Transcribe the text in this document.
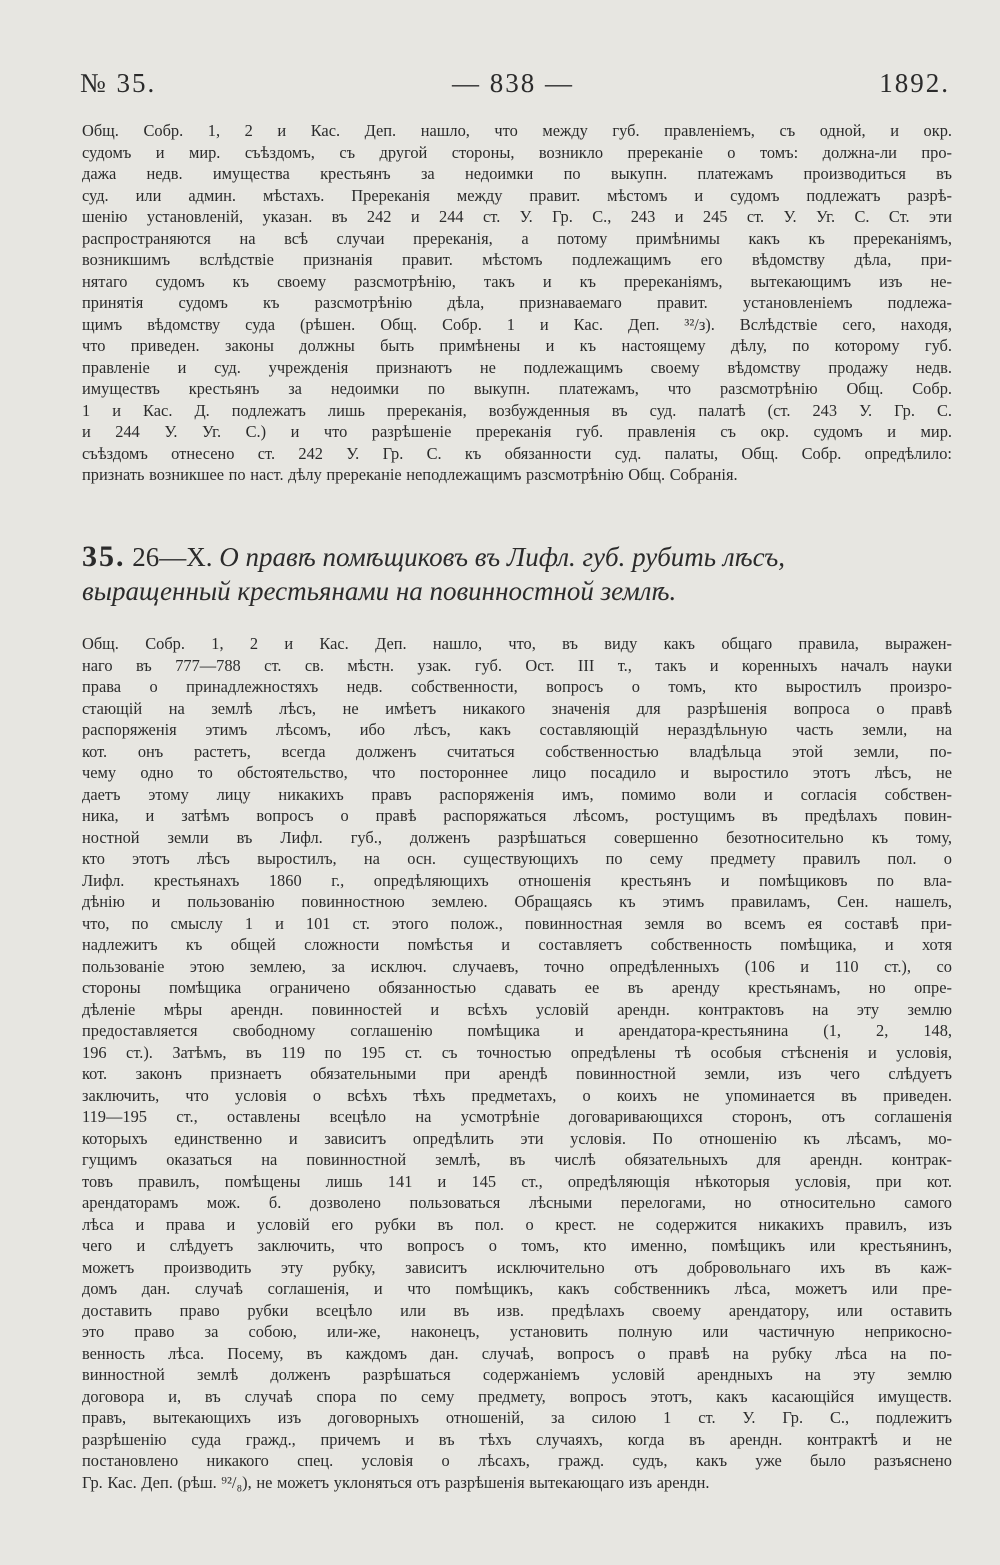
№ 35.	— 838 —	1892.
Общ. Собр. 1, 2 и Кас. Деп. нашло, что между губ. правленіемъ, съ одной, и окр.
судомъ и мир. съѣздомъ, съ другой стороны, возникло пререканіе о томъ: должна-ли про-
дажа недв. имущества крестьянъ за недоимки по выкупн. платежамъ производиться въ
суд. или админ. мѣстахъ. Пререканія между правит. мѣстомъ и судомъ подлежатъ разрѣ-
шенію установленій, указан. въ 242 и 244 ст. У. Гр. С., 243 и 245 ст. У. Уг. С. Ст. эти
распространяются на всѣ случаи пререканія, а потому примѣнимы какъ къ пререканіямъ,
возникшимъ вслѣдствіе признанія правит. мѣстомъ подлежащимъ его вѣдомству дѣла, при-
нятаго судомъ къ своему разсмотрѣнію, такъ и къ пререканіямъ, вытекающимъ изъ не-
принятія судомъ къ разсмотрѣнію дѣла, признаваемаго правит. установленіемъ подлежа-
щимъ вѣдомству суда (рѣшен. Общ. Собр. 1 и Кас. Деп. ³²/з). Вслѣдствіе сего, находя,
что приведен. законы должны быть примѣнены и къ настоящему дѣлу, по которому губ.
правленіе и суд. учрежденія признаютъ не подлежащимъ своему вѣдомству продажу недв.
имуществъ крестьянъ за недоимки по выкупн. платежамъ, что разсмотрѣнію Общ. Собр.
1 и Кас. Д. подлежатъ лишь пререканія, возбужденныя въ суд. палатѣ (ст. 243 У. Гр. С.
и 244 У. Уг. С.) и что разрѣшеніе пререканія губ. правленія съ окр. судомъ и мир.
съѣздомъ отнесено ст. 242 У. Гр. С. къ обязанности суд. палаты, Общ. Собр. опредѣлило:
признать возникшее по наст. дѣлу пререканіе неподлежащимъ разсмотрѣнію Общ. Собранія.
35. 26—X. О правѣ помѣщиковъ въ Лифл. губ. рубить лѣсъ,
выращенный крестьянами на повинностной землѣ.
Общ. Собр. 1, 2 и Кас. Деп. нашло, что, въ виду какъ общаго правила, выражен-
наго въ 777—788 ст. св. мѣстн. узак. губ. Ост. III т., такъ и коренныхъ началъ науки
права о принадлежностяхъ недв. собственности, вопросъ о томъ, кто выростилъ произро-
стающій на землѣ лѣсъ, не имѣетъ никакого значенія для разрѣшенія вопроса о правѣ
распоряженія этимъ лѣсомъ, ибо лѣсъ, какъ составляющій нераздѣльную часть земли, на
кот. онъ растетъ, всегда долженъ считаться собственностью владѣльца этой земли, по-
чему одно то обстоятельство, что постороннее лицо посадило и выростило этотъ лѣсъ, не
даетъ этому лицу никакихъ правъ распоряженія имъ, помимо воли и согласія собствен-
ника, и затѣмъ вопросъ о правѣ распоряжаться лѣсомъ, ростущимъ въ предѣлахъ повин-
ностной земли въ Лифл. губ., долженъ разрѣшаться совершенно безотносительно къ тому,
кто этотъ лѣсъ выростилъ, на осн. существующихъ по сему предмету правилъ пол. о
Лифл. крестьянахъ 1860 г., опредѣляющихъ отношенія крестьянъ и помѣщиковъ по вла-
дѣнію и пользованію повинностною землею. Обращаясь къ этимъ правиламъ, Сен. нашелъ,
что, по смыслу 1 и 101 ст. этого полож., повинностная земля во всемъ ея составѣ при-
надлежитъ къ общей сложности помѣстья и составляетъ собственность помѣщика, и хотя
пользованіе этою землею, за исключ. случаевъ, точно опредѣленныхъ (106 и 110 ст.), со
стороны помѣщика ограничено обязанностью сдавать ее въ аренду крестьянамъ, но опре-
дѣленіе мѣры арендн. повинностей и всѣхъ условій арендн. контрактовъ на эту землю
предоставляется свободному соглашенію помѣщика и арендатора-крестьянина (1, 2, 148,
196 ст.). Затѣмъ, въ 119 по 195 ст. съ точностью опредѣлены тѣ особыя стѣсненія и условія,
кот. законъ признаетъ обязательными при арендѣ повинностной земли, изъ чего слѣдуетъ
заключить, что условія о всѣхъ тѣхъ предметахъ, о коихъ не упоминается въ приведен.
119—195 ст., оставлены всецѣло на усмотрѣніе договаривающихся сторонъ, отъ соглашенія
которыхъ единственно и зависитъ опредѣлить эти условія. По отношенію къ лѣсамъ, мо-
гущимъ оказаться на повинностной землѣ, въ числѣ обязательныхъ для арендн. контрак-
товъ правилъ, помѣщены лишь 141 и 145 ст., опредѣляющія нѣкоторыя условія, при кот.
арендаторамъ мож. б. дозволено пользоваться лѣсными перелогами, но относительно самого
лѣса и права и условій его рубки въ пол. о крест. не содержится никакихъ правилъ, изъ
чего и слѣдуетъ заключить, что вопросъ о томъ, кто именно, помѣщикъ или крестьянинъ,
можетъ производить эту рубку, зависитъ исключительно отъ добровольнаго ихъ въ каж-
домъ дан. случаѣ соглашенія, и что помѣщикъ, какъ собственникъ лѣса, можетъ или пре-
доставить право рубки всецѣло или въ изв. предѣлахъ своему арендатору, или оставить
это право за собою, или-же, наконецъ, установить полную или частичную неприкосно-
венность лѣса. Посему, въ каждомъ дан. случаѣ, вопросъ о правѣ на рубку лѣса на по-
винностной землѣ долженъ разрѣшаться содержаніемъ условій арендныхъ на эту землю
договора и, въ случаѣ спора по сему предмету, вопросъ этотъ, какъ касающійся имуществ.
правъ, вытекающихъ изъ договорныхъ отношеній, за силою 1 ст. У. Гр. С., подлежитъ
разрѣшенію суда гражд., причемъ и въ тѣхъ случаяхъ, когда въ арендн. контрактѣ и не
постановлено никакого спец. условія о лѣсахъ, гражд. судъ, какъ уже было разъяснено
Гр. Кас. Деп. (рѣш. ⁹²/₈), не можетъ уклоняться отъ разрѣшенія вытекающаго изъ арендн.
